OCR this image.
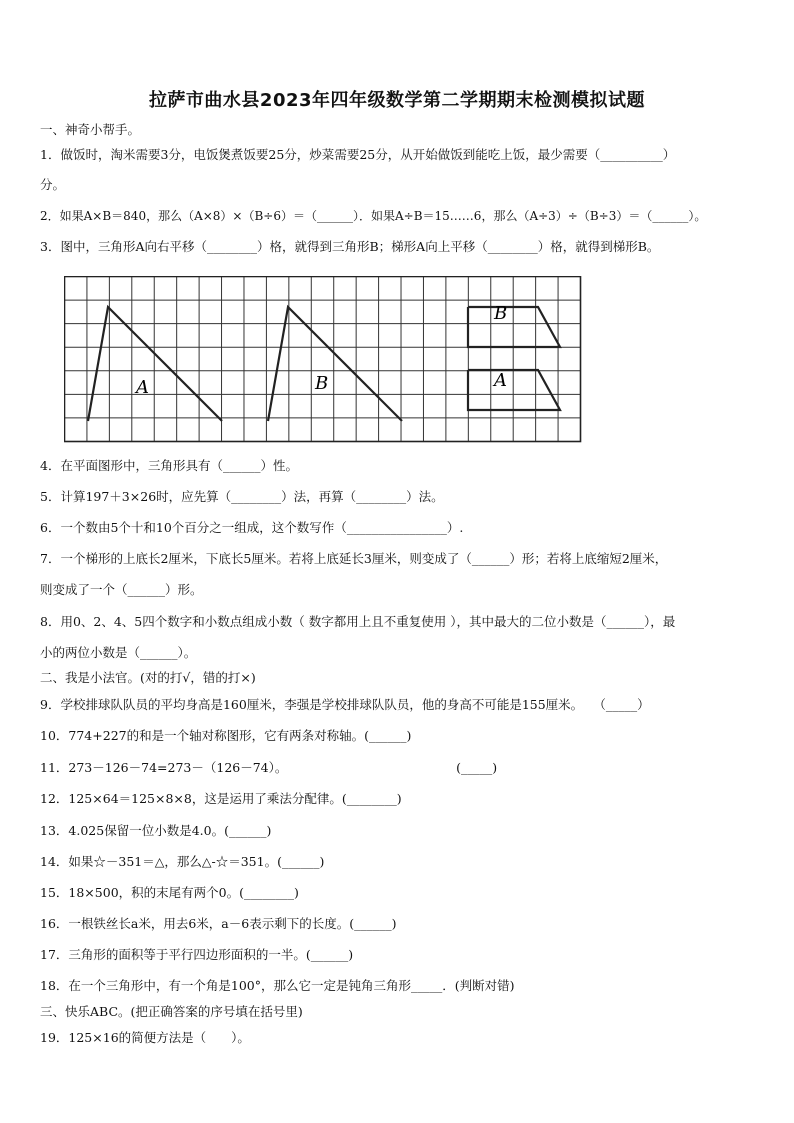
拉萨市曲水县2023年四年级数学第二学期期末检测模拟试题
一、神奇小帮手。
1．做饭时，淘米需要3分，电饭煲煮饭要25分，炒菜需要25分，从开始做饭到能吃上饭，最少需要（__________）
分。
2．如果A×B＝840，那么（A×8）×（B÷6）＝（______）．如果A÷B＝15……6，那么（A÷3）÷（B÷3）＝（______）。
3．图中，三角形A向右平移（________）格，就得到三角形B；梯形A向上平移（________）格，就得到梯形B。
A	B
B
A
4．在平面图形中，三角形具有（______）性。
5．计算197＋3×26时，应先算（________）法，再算（________）法。
6．一个数由5个十和10个百分之一组成，这个数写作（________________）.
7．一个梯形的上底长2厘米，下底长5厘米。若将上底延长3厘米，则变成了（______）形；若将上底缩短2厘米，
则变成了一个（______）形。
8．用0、2、4、5四个数字和小数点组成小数（ 数字都用上且不重复使用 ），其中最大的二位小数是（______），最
小的两位小数是（______）。
二、我是小法官。(对的打√，错的打×)
9．学校排球队队员的平均身高是160厘米，李强是学校排球队队员，他的身高不可能是155厘米。　 （_____）
10．774+227的和是一个轴对称图形，它有两条对称轴。(______)
11．273－126－74=273－（126－74）。　　　　　　　　　　　　　　(_____)
12．125×64＝125×8×8，这是运用了乘法分配律。(________)
13．4.025保留一位小数是4.0。(______)
14．如果☆－351＝△，那么△-☆＝351。(______)
15．18×500，积的末尾有两个0。(________)
16．一根铁丝长a米，用去6米，a－6表示剩下的长度。(______)
17．三角形的面积等于平行四边形面积的一半。(______)
18．在一个三角形中，有一个角是100°，那么它一定是钝角三角形_____．(判断对错)
三、快乐ABC。(把正确答案的序号填在括号里)
19．125×16的简便方法是（　　）。
